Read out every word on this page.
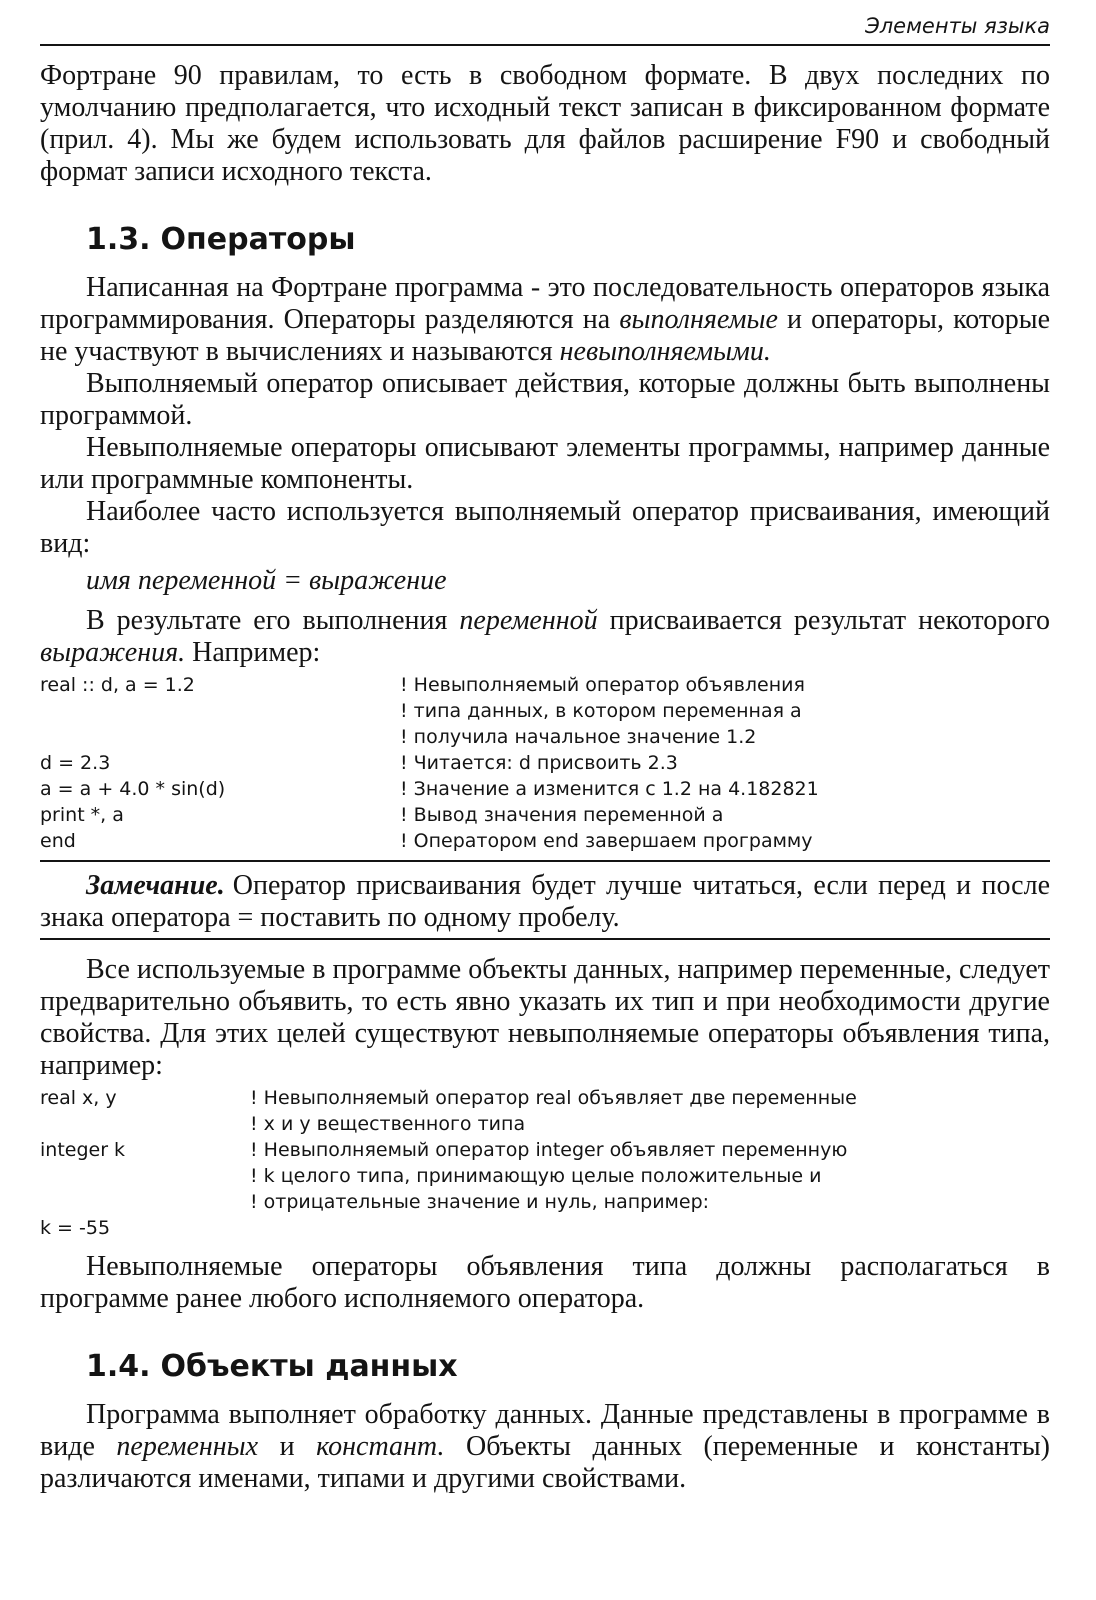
Элементы языка

Фортране 90 правилам, то есть в свободном формате. В двух последних по умолчанию предполагается, что исходный текст записан в фиксированном формате (прил. 4). Мы же будем использовать для файлов расширение F90 и свободный формат записи исходного текста.

1.3. Операторы

Написанная на Фортране программа - это последовательность операторов языка программирования. Операторы разделяются на выполняемые и операторы, которые не участвуют в вычислениях и называются невыполняемыми.

Выполняемый оператор описывает действия, которые должны быть выполнены программой.

Невыполняемые операторы описывают элементы программы, например данные или программные компоненты.

Наиболее часто используется выполняемый оператор присваивания, имеющий вид:

имя переменной = выражение

В результате его выполнения переменной присваивается результат некоторого выражения. Например:

real :: d, a = 1.2	! Невыполняемый оператор объявления
! типа данных, в котором переменная a
! получила начальное значение 1.2
d = 2.3	! Читается: d присвоить 2.3
a = a + 4.0 * sin(d)	! Значение a изменится с 1.2 на 4.182821
print *, a	! Вывод значения переменной a
end	! Оператором end завершаем программу

Замечание. Оператор присваивания будет лучше читаться, если перед и после знака оператора = поставить по одному пробелу.

Все используемые в программе объекты данных, например переменные, следует предварительно объявить, то есть явно указать их тип и при необходимости другие свойства. Для этих целей существуют невыполняемые операторы объявления типа, например:

real x, y	! Невыполняемый оператор real объявляет две переменные
! x и y вещественного типа
integer k	! Невыполняемый оператор integer объявляет переменную
! k целого типа, принимающую целые положительные и
! отрицательные значение и нуль, например:
k = -55

Невыполняемые операторы объявления типа должны располагаться в программе ранее любого исполняемого оператора.

1.4. Объекты данных

Программа выполняет обработку данных. Данные представлены в программе в виде переменных и констант. Объекты данных (переменные и константы) различаются именами, типами и другими свойствами.
